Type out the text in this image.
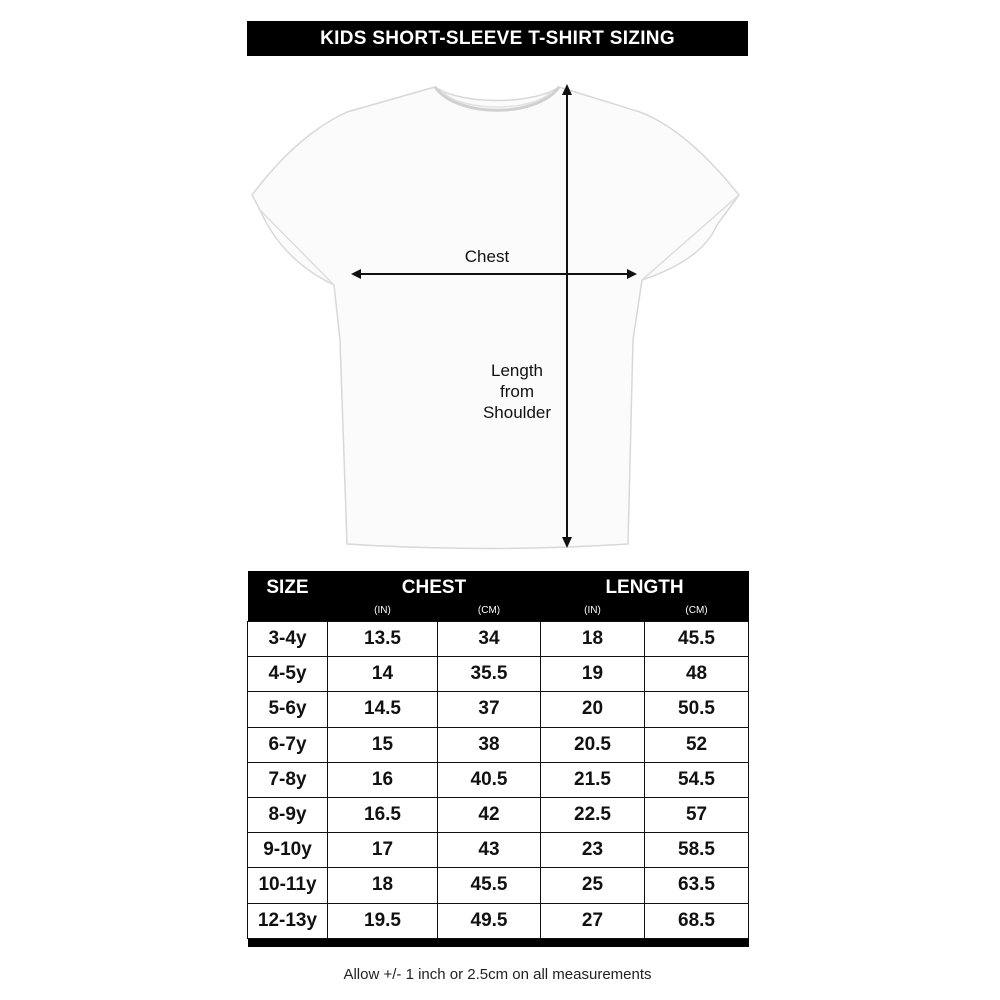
KIDS SHORT-SLEEVE T-SHIRT SIZING
Chest
Length
from
Shoulder
SIZE	CHEST		LENGTH	
	(IN)	(CM)	(IN)	(CM)
3-4y	13.5	34	18	45.5
4-5y	14	35.5	19	48
5-6y	14.5	37	20	50.5
6-7y	15	38	20.5	52
7-8y	16	40.5	21.5	54.5
8-9y	16.5	42	22.5	57
9-10y	17	43	23	58.5
10-11y	18	45.5	25	63.5
12-13y	19.5	49.5	27	68.5

Allow +/- 1 inch or 2.5cm on all measurements
